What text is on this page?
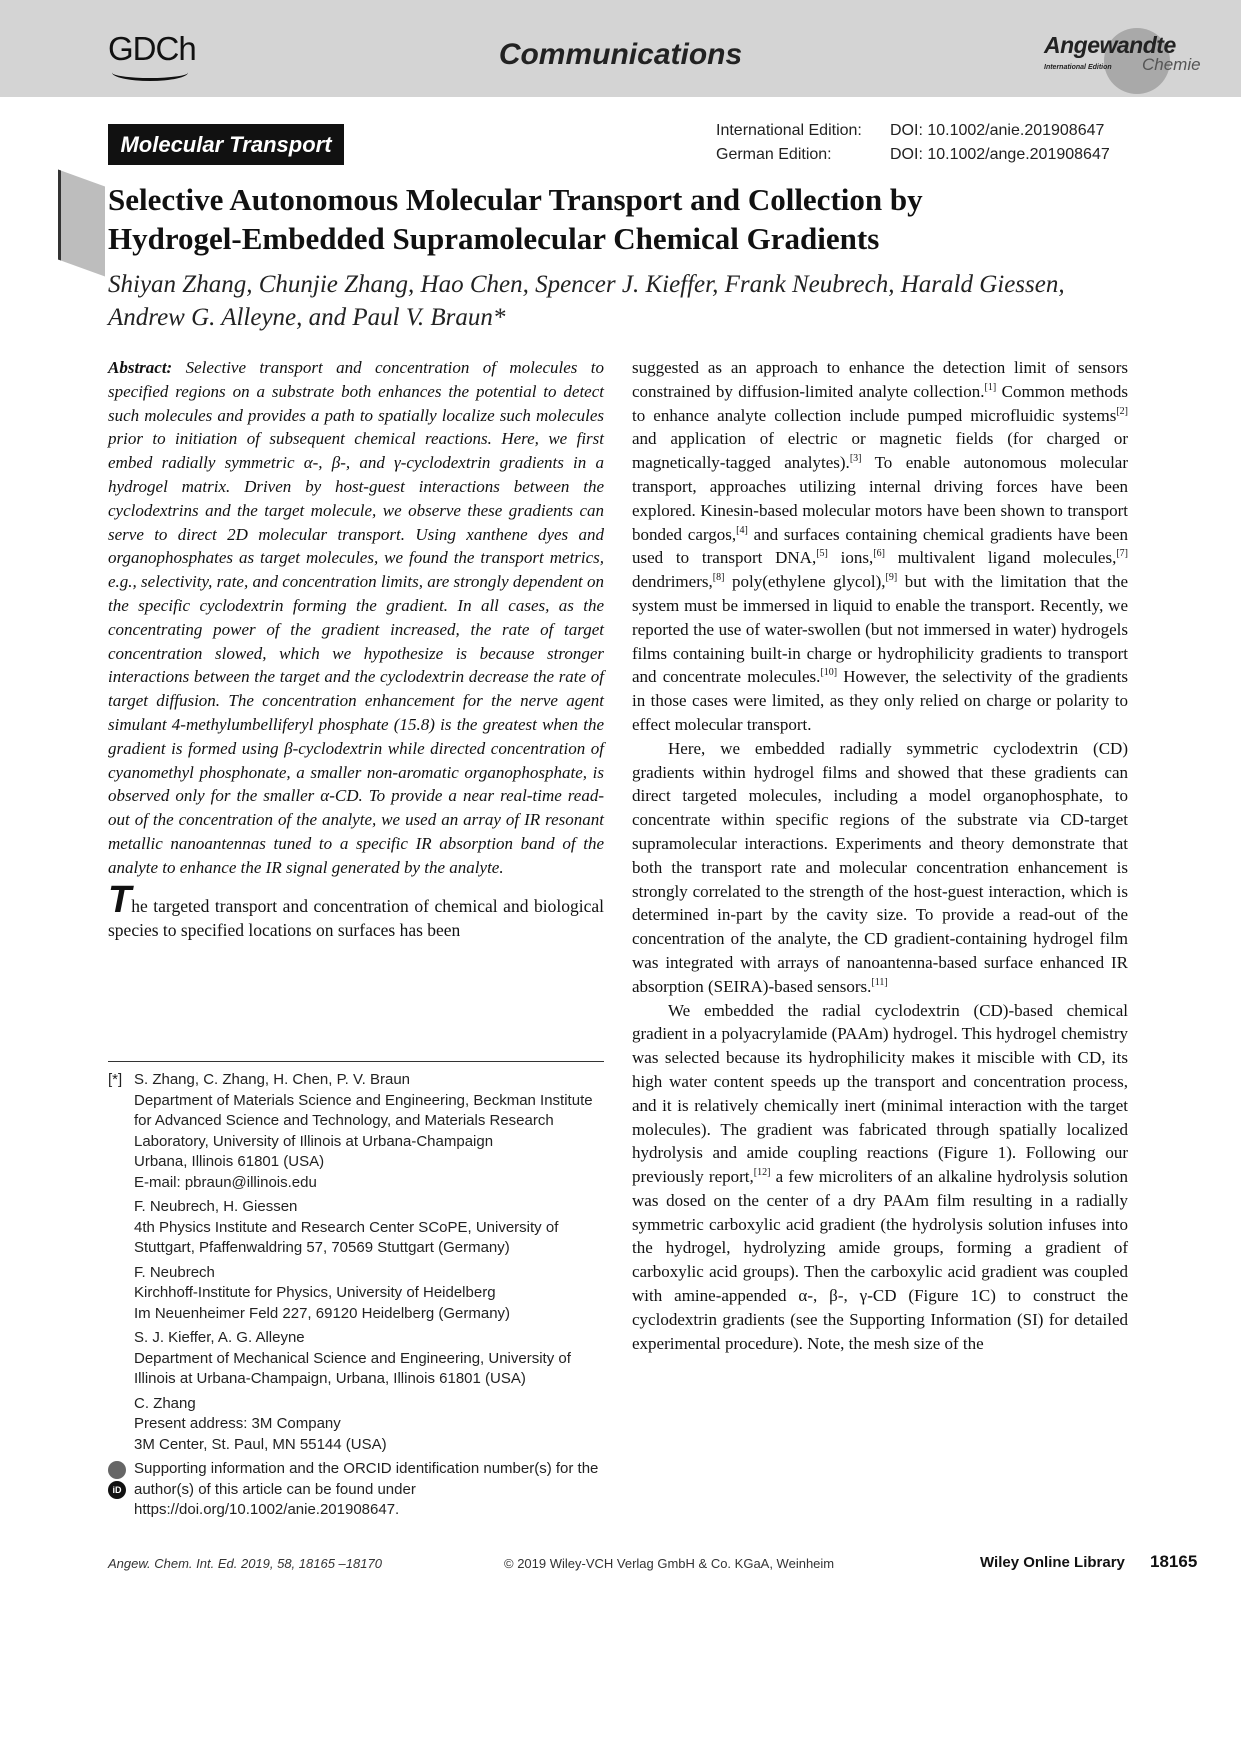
GDCh	Communications	Angewandte
International Edition Chemie
Molecular Transport
International Edition: DOI: 10.1002/anie.201908647
German Edition:	DOI: 10.1002/ange.201908647
Selective Autonomous Molecular Transport and Collection by
Hydrogel-Embedded Supramolecular Chemical Gradients

Shiyan Zhang, Chunjie Zhang, Hao Chen, Spencer J. Kieffer, Frank Neubrech, Harald Giessen,
Andrew G. Alleyne, and Paul V. Braun*

Abstract: Selective transport and concentration of molecules to specified regions on a substrate both enhances the potential to detect such molecules and provides a path to spatially localize such molecules prior to initiation of subsequent chemical reactions. Here, we first embed radially symmetric α-, β-, and γ-cyclodextrin gradients in a hydrogel matrix. Driven by host-guest interactions between the cyclodextrins and the target molecule, we observe these gradients can serve to direct 2D molecular transport. Using xanthene dyes and organophosphates as target molecules, we found the transport metrics, e.g., selectivity, rate, and concentration limits, are strongly dependent on the specific cyclodextrin forming the gradient. In all cases, as the concentrating power of the gradient increased, the rate of target concentration slowed, which we hypothesize is because stronger interactions between the target and the cyclodextrin decrease the rate of target diffusion. The concentration enhancement for the nerve agent simulant 4-methylumbelliferyl phosphate (15.8) is the greatest when the gradient is formed using β-cyclodextrin while directed concentration of cyanomethyl phosphonate, a smaller non-aromatic organophosphate, is observed only for the smaller α-CD. To provide a near real-time read-out of the concentration of the analyte, we used an array of IR resonant metallic nanoantennas tuned to a specific IR absorption band of the analyte to enhance the IR signal generated by the analyte.

The targeted transport and concentration of chemical and biological species to specified locations on surfaces has been

[*] S. Zhang, C. Zhang, H. Chen, P. V. Braun
Department of Materials Science and Engineering, Beckman Institute for Advanced Science and Technology, and Materials Research Laboratory, University of Illinois at Urbana-Champaign
Urbana, Illinois 61801 (USA)
E-mail: pbraun@illinois.edu
F. Neubrech, H. Giessen
4th Physics Institute and Research Center SCoPE, University of Stuttgart, Pfaffenwaldring 57, 70569 Stuttgart (Germany)
F. Neubrech
Kirchhoff-Institute for Physics, University of Heidelberg
Im Neuenheimer Feld 227, 69120 Heidelberg (Germany)
S. J. Kieffer, A. G. Alleyne
Department of Mechanical Science and Engineering, University of Illinois at Urbana-Champaign, Urbana, Illinois 61801 (USA)
C. Zhang
Present address: 3M Company
3M Center, St. Paul, MN 55144 (USA)
iD
Supporting information and the ORCID identification number(s) for the author(s) of this article can be found under https://doi.org/10.1002/anie.201908647.

suggested as an approach to enhance the detection limit of sensors constrained by diffusion-limited analyte collection.[1] Common methods to enhance analyte collection include pumped microfluidic systems[2] and application of electric or magnetic fields (for charged or magnetically-tagged analytes).[3] To enable autonomous molecular transport, approaches utilizing internal driving forces have been explored. Kinesin-based molecular motors have been shown to transport bonded cargos,[4] and surfaces containing chemical gradients have been used to transport DNA,[5] ions,[6] multivalent ligand molecules,[7] dendrimers,[8] poly(ethylene glycol),[9] but with the limitation that the system must be immersed in liquid to enable the transport. Recently, we reported the use of water-swollen (but not immersed in water) hydrogels films containing built-in charge or hydrophilicity gradients to transport and concentrate molecules.[10] However, the selectivity of the gradients in those cases were limited, as they only relied on charge or polarity to effect molecular transport.

Here, we embedded radially symmetric cyclodextrin (CD) gradients within hydrogel films and showed that these gradients can direct targeted molecules, including a model organophosphate, to concentrate within specific regions of the substrate via CD-target supramolecular interactions. Experiments and theory demonstrate that both the transport rate and molecular concentration enhancement is strongly correlated to the strength of the host-guest interaction, which is determined in-part by the cavity size. To provide a read-out of the concentration of the analyte, the CD gradient-containing hydrogel film was integrated with arrays of nanoantenna-based surface enhanced IR absorption (SEIRA)-based sensors.[11]

We embedded the radial cyclodextrin (CD)-based chemical gradient in a polyacrylamide (PAAm) hydrogel. This hydrogel chemistry was selected because its hydrophilicity makes it miscible with CD, its high water content speeds up the transport and concentration process, and it is relatively chemically inert (minimal interaction with the target molecules). The gradient was fabricated through spatially localized hydrolysis and amide coupling reactions (Figure 1). Following our previously report,[12] a few microliters of an alkaline hydrolysis solution was dosed on the center of a dry PAAm film resulting in a radially symmetric carboxylic acid gradient (the hydrolysis solution infuses into the hydrogel, hydrolyzing amide groups, forming a gradient of carboxylic acid groups). Then the carboxylic acid gradient was coupled with amine-appended α-, β-, γ-CD (Figure 1C) to construct the cyclodextrin gradients (see the Supporting Information (SI) for detailed experimental procedure). Note, the mesh size of the

Angew. Chem. Int. Ed. 2019, 58, 18165 –18170	© 2019 Wiley-VCH Verlag GmbH & Co. KGaA, Weinheim	Wiley Online Library 18165
